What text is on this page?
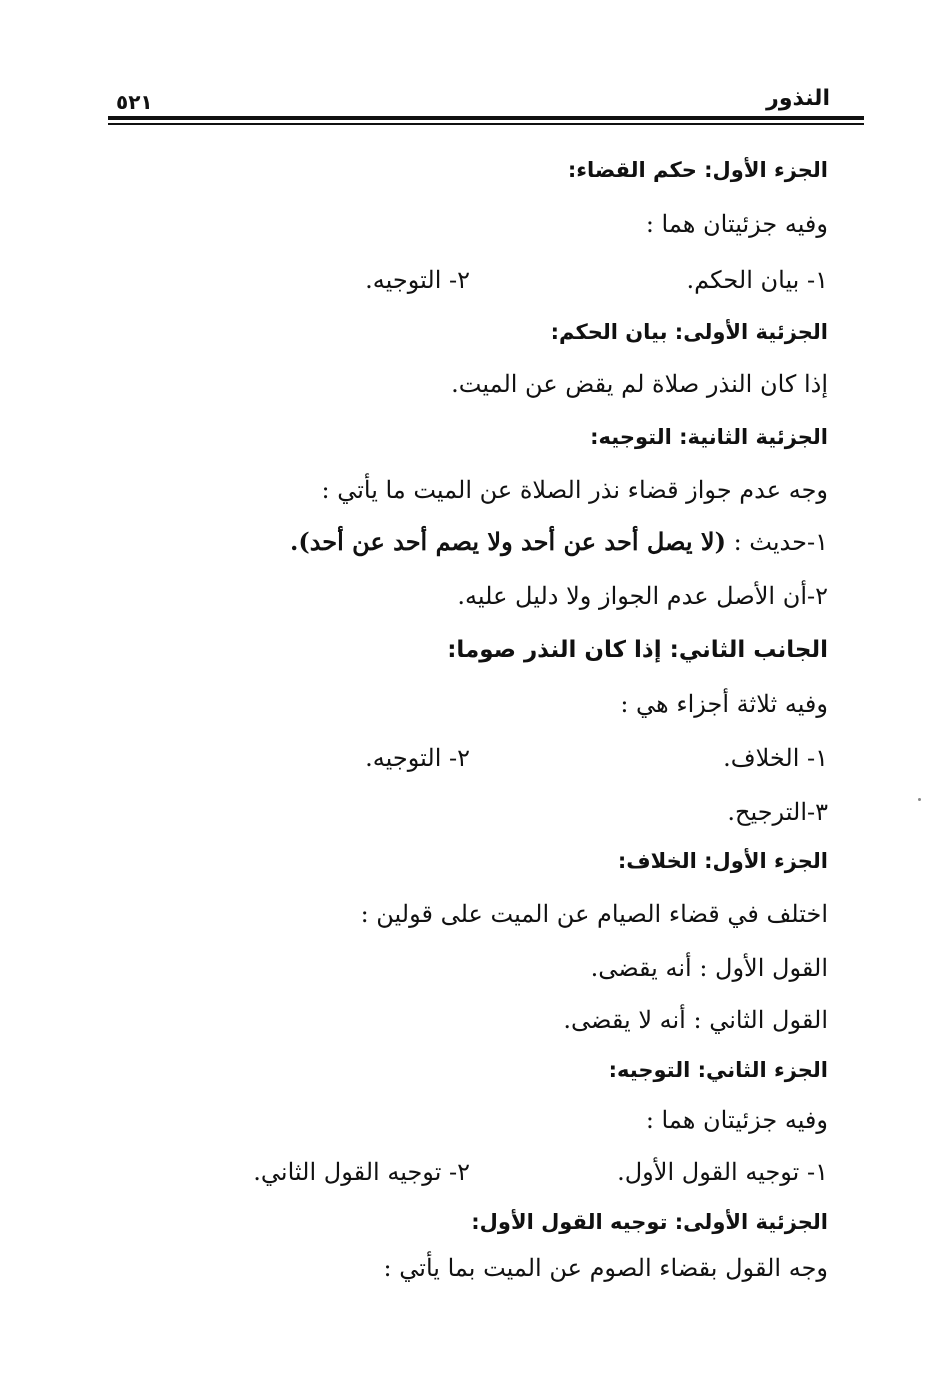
النذور
٥٢١
الجزء الأول: حكم القضاء:
وفيه جزئيتان هما :
١- بيان الحكم.
٢- التوجيه.
الجزئية الأولى: بيان الحكم:
إذا كان النذر صلاة لم يقض عن الميت.
الجزئية الثانية: التوجيه:
وجه عدم جواز قضاء نذر الصلاة عن الميت ما يأتي :
١-حديث : (لا يصل أحد عن أحد ولا يصم أحد عن أحد).
٢-أن الأصل عدم الجواز ولا دليل عليه.
الجانب الثاني: إذا كان النذر صوما:
وفيه ثلاثة أجزاء هي :
١- الخلاف.
٢- التوجيه.
٣-الترجيح.
الجزء الأول: الخلاف:
اختلف في قضاء الصيام عن الميت على قولين :
القول الأول : أنه يقضى.
القول الثاني : أنه لا يقضى.
الجزء الثاني: التوجيه:
وفيه جزئيتان هما :
١- توجيه القول الأول.
٢- توجيه القول الثاني.
الجزئية الأولى: توجيه القول الأول:
وجه القول بقضاء الصوم عن الميت بما يأتي :
